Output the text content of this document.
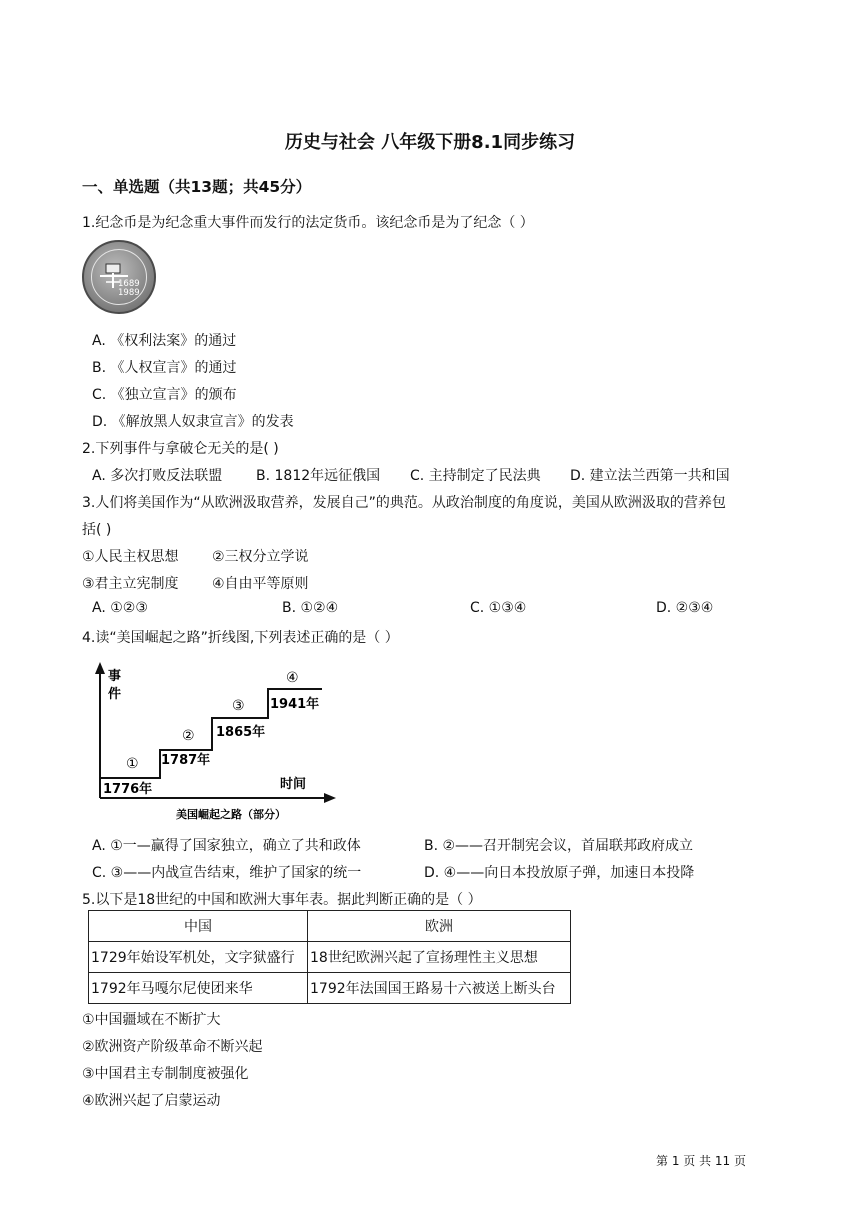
历史与社会 八年级下册8.1同步练习
一、单选题（共13题；共45分）
1.纪念币是为纪念重大事件而发行的法定货币。该纪念币是为了纪念（ ）
1689
1989
A. 《权利法案》的通过
B. 《人权宣言》的通过
C. 《独立宣言》的颁布
D. 《解放黑人奴隶宣言》的发表
2.下列事件与拿破仑无关的是( )
A. 多次打败反法联盟 B. 1812年远征俄国 C. 主持制定了民法典 D. 建立法兰西第一共和国
3.人们将美国作为“从欧洲汲取营养，发展自己”的典范。从政治制度的角度说，美国从欧洲汲取的营养包
括( )
①人民主权思想 ②三权分立学说
③君主立宪制度 ④自由平等原则
A. ①②③	B. ①②④	C. ①③④	D. ②③④
4.读“美国崛起之路”折线图,下列表述正确的是（ ）
事
件
①
1776年
②
1787年
③
1865年
④
1941年
时间
美国崛起之路（部分）
A. ①一—赢得了国家独立，确立了共和政体	B. ②——召开制宪会议，首届联邦政府成立
C. ③——内战宣告结束，维护了国家的统一	D. ④——向日本投放原子弹，加速日本投降
5.以下是18世纪的中国和欧洲大事年表。据此判断正确的是（ ）
中国	欧洲
1729年始设军机处，文字狱盛行	18世纪欧洲兴起了宣扬理性主义思想
1792年马嘎尔尼使团来华	1792年法国国王路易十六被送上断头台
①中国疆域在不断扩大
②欧洲资产阶级革命不断兴起
③中国君主专制制度被强化
④欧洲兴起了启蒙运动
第 1 页 共 11 页
